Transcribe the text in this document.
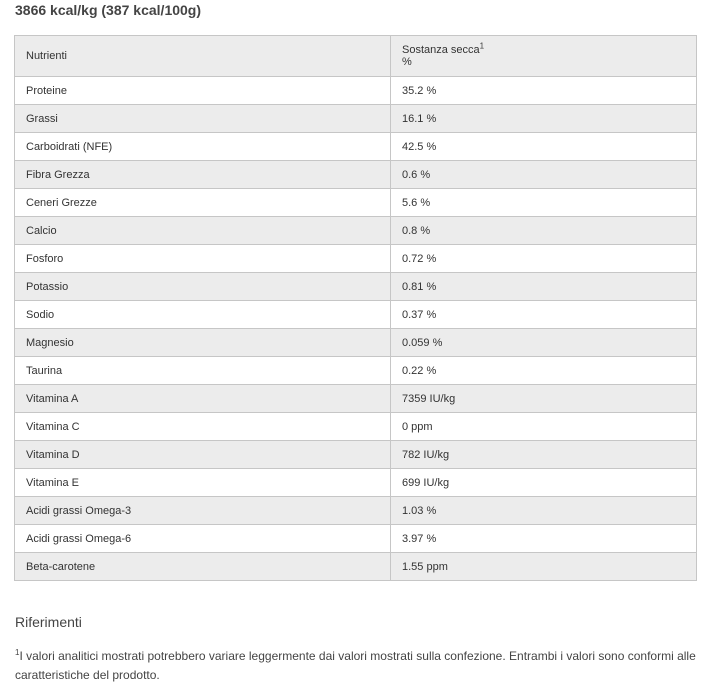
3866 kcal/kg (387 kcal/100g)

Nutrienti	Sostanza secca$^1$
%

Proteine	35.2 %
Grassi	16.1 %
Carboidrati (NFE)	42.5 %
Fibra Grezza	0.6 %
Ceneri Grezze	5.6 %
Calcio	0.8 %
Fosforo	0.72 %
Potassio	0.81 %
Sodio	0.37 %
Magnesio	0.059 %
Taurina	0.22 %
Vitamina A	7359 IU/kg
Vitamina C	0 ppm
Vitamina D	782 IU/kg
Vitamina E	699 IU/kg
Acidi grassi Omega-3	1.03 %
Acidi grassi Omega-6	3.97 %
Beta-carotene	1.55 ppm
Riferimenti

$^1$I valori analitici mostrati potrebbero variare leggermente dai valori mostrati sulla confezione. Entrambi i valori sono conformi alle caratteristiche del prodotto.
